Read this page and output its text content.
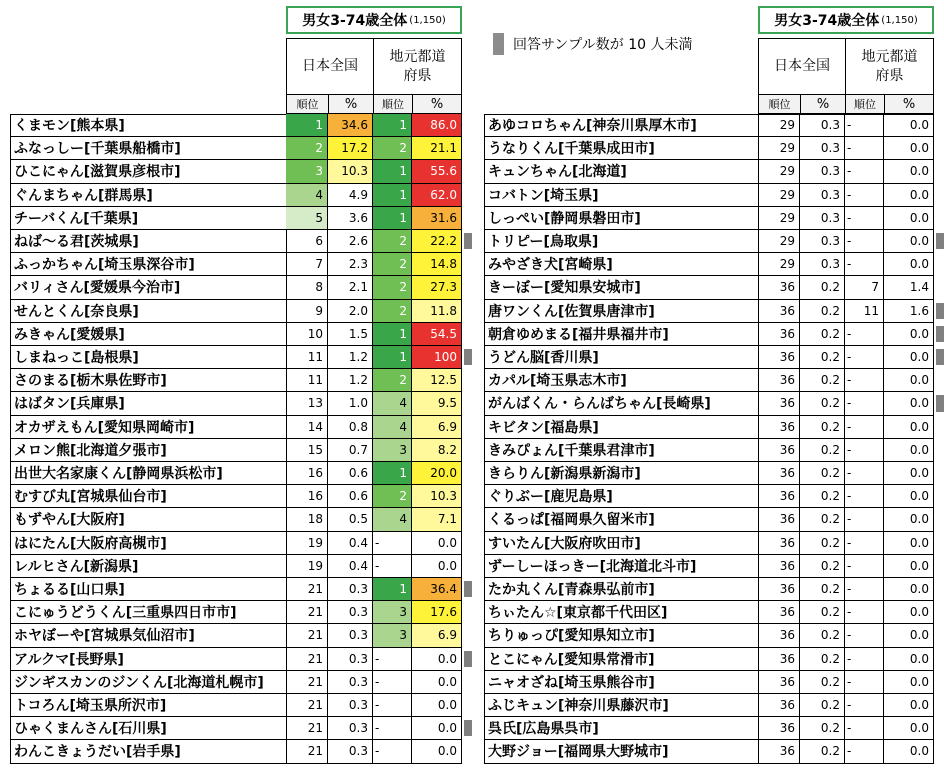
男女3-74歳全体 (1,150)
日本全国
地元都道
府県
順位 % 順位 %
くまモン[熊本県]	1	34.6	1	86.0
ふなっしー[千葉県船橋市]	2	17.2	2	21.1
ひこにゃん[滋賀県彦根市]	3	10.3	1	55.6
ぐんまちゃん[群馬県]	4	4.9	1	62.0
チーバくん[千葉県]	5	3.6	1	31.6
ねば～る君[茨城県]	6	2.6	2	22.2
ふっかちゃん[埼玉県深谷市]	7	2.3	2	14.8
バリィさん[愛媛県今治市]	8	2.1	2	27.3
せんとくん[奈良県]	9	2.0	2	11.8
みきゃん[愛媛県]	10	1.5	1	54.5
しまねっこ[島根県]	11	1.2	1	100
さのまる[栃木県佐野市]	11	1.2	2	12.5
はばタン[兵庫県]	13	1.0	4	9.5
オカザえもん[愛知県岡崎市]	14	0.8	4	6.9
メロン熊[北海道夕張市]	15	0.7	3	8.2
出世大名家康くん[静岡県浜松市]	16	0.6	1	20.0
むすび丸[宮城県仙台市]	16	0.6	2	10.3
もずやん[大阪府]	18	0.5	4	7.1
はにたん[大阪府高槻市]	19	0.4 -	0.0
レルヒさん[新潟県]	19	0.4 -	0.0
ちょるる[山口県]	21	0.3	1	36.4
こにゅうどうくん[三重県四日市市]	21	0.3	3	17.6
ホヤぼーや[宮城県気仙沼市]	21	0.3	3	6.9
アルクマ[長野県]	21	0.3 -	0.0
ジンギスカンのジンくん[北海道札幌市]	21	0.3 -	0.0
トコろん[埼玉県所沢市]	21	0.3 -	0.0
ひゃくまんさん[石川県]	21	0.3 -	0.0
わんこきょうだい[岩手県]	21	0.3 -	0.0
回答サンプル数が 10 人未満
男女3-74歳全体 (1,150)
日本全国
地元都道
府県
順位 % 順位 %
あゆコロちゃん[神奈川県厚木市]	29	0.3 -	0.0
うなりくん[千葉県成田市]	29	0.3 -	0.0
キュンちゃん[北海道]	29	0.3 -	0.0
コバトン[埼玉県]	29	0.3 -	0.0
しっぺい[静岡県磐田市]	29	0.3 -	0.0
トリピー[鳥取県]	29	0.3 -	0.0
みやざき犬[宮崎県]	29	0.3 -	0.0
きーぼー[愛知県安城市]	36	0.2	7	1.4
唐ワンくん[佐賀県唐津市]	36	0.2	11	1.6
朝倉ゆめまる[福井県福井市]	36	0.2 -	0.0
うどん脳[香川県]	36	0.2 -	0.0
カパル[埼玉県志木市]	36	0.2 -	0.0
がんばくん・らんばちゃん[長崎県]	36	0.2 -	0.0
キビタン[福島県]	36	0.2 -	0.0
きみぴょん[千葉県君津市]	36	0.2 -	0.0
きらりん[新潟県新潟市]	36	0.2 -	0.0
ぐりぶー[鹿児島県]	36	0.2 -	0.0
くるっぱ[福岡県久留米市]	36	0.2 -	0.0
すいたん[大阪府吹田市]	36	0.2 -	0.0
ずーしーほっきー[北海道北斗市]	36	0.2 -	0.0
たか丸くん[青森県弘前市]	36	0.2 -	0.0
ちぃたん☆[東京都千代田区]	36	0.2 -	0.0
ちりゅっぴ[愛知県知立市]	36	0.2 -	0.0
とこにゃん[愛知県常滑市]	36	0.2 -	0.0
ニャオざね[埼玉県熊谷市]	36	0.2 -	0.0
ふじキュン[神奈川県藤沢市]	36	0.2 -	0.0
呉氏[広島県呉市]	36	0.2 -	0.0
大野ジョー[福岡県大野城市]	36	0.2 -	0.0
